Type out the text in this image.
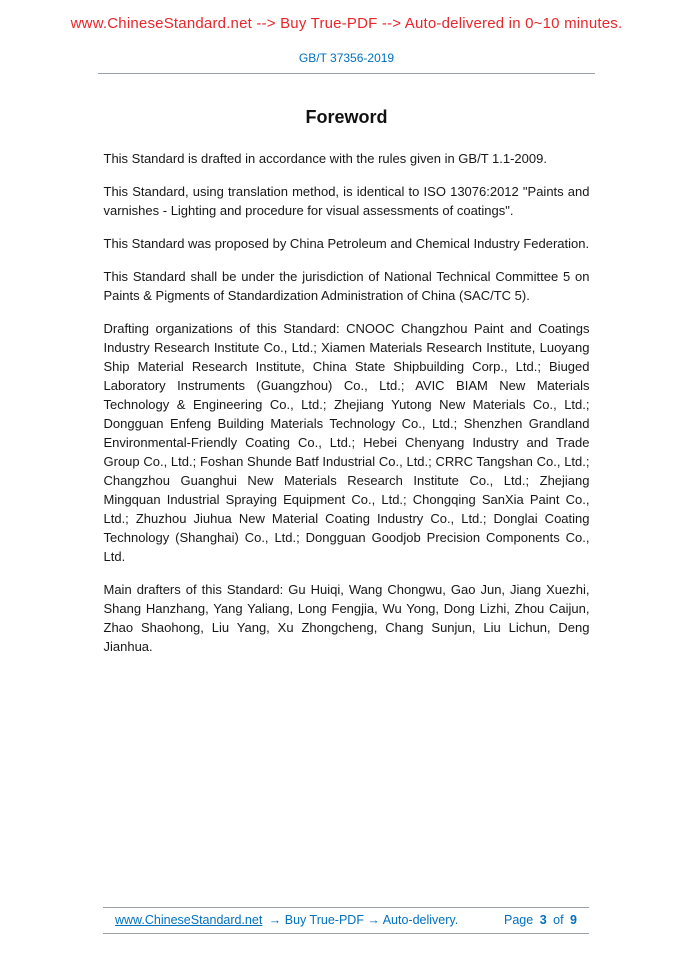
www.ChineseStandard.net --> Buy True-PDF --> Auto-delivered in 0~10 minutes.
GB/T 37356-2019
Foreword

This Standard is drafted in accordance with the rules given in GB/T 1.1-2009.

This Standard, using translation method, is identical to ISO 13076:2012 "Paints and varnishes - Lighting and procedure for visual assessments of coatings".

This Standard was proposed by China Petroleum and Chemical Industry Federation.

This Standard shall be under the jurisdiction of National Technical Committee 5 on Paints & Pigments of Standardization Administration of China (SAC/TC 5).

Drafting organizations of this Standard: CNOOC Changzhou Paint and Coatings Industry Research Institute Co., Ltd.; Xiamen Materials Research Institute, Luoyang Ship Material Research Institute, China State Shipbuilding Corp., Ltd.; Biuged Laboratory Instruments (Guangzhou) Co., Ltd.; AVIC BIAM New Materials Technology & Engineering Co., Ltd.; Zhejiang Yutong New Materials Co., Ltd.; Dongguan Enfeng Building Materials Technology Co., Ltd.; Shenzhen Grandland Environmental-Friendly Coating Co., Ltd.; Hebei Chenyang Industry and Trade Group Co., Ltd.; Foshan Shunde Batf Industrial Co., Ltd.; CRRC Tangshan Co., Ltd.; Changzhou Guanghui New Materials Research Institute Co., Ltd.; Zhejiang Mingquan Industrial Spraying Equipment Co., Ltd.; Chongqing SanXia Paint Co., Ltd.; Zhuzhou Jiuhua New Material Coating Industry Co., Ltd.; Donglai Coating Technology (Shanghai) Co., Ltd.; Dongguan Goodjob Precision Components Co., Ltd.

Main drafters of this Standard: Gu Huiqi, Wang Chongwu, Gao Jun, Jiang Xuezhi, Shang Hanzhang, Yang Yaliang, Long Fengjia, Wu Yong, Dong Lizhi, Zhou Caijun, Zhao Shaohong, Liu Yang, Xu Zhongcheng, Chang Sunjun, Liu Lichun, Deng Jianhua.

www.ChineseStandard.net → Buy True-PDF → Auto-delivery.	Page 3 of 9
